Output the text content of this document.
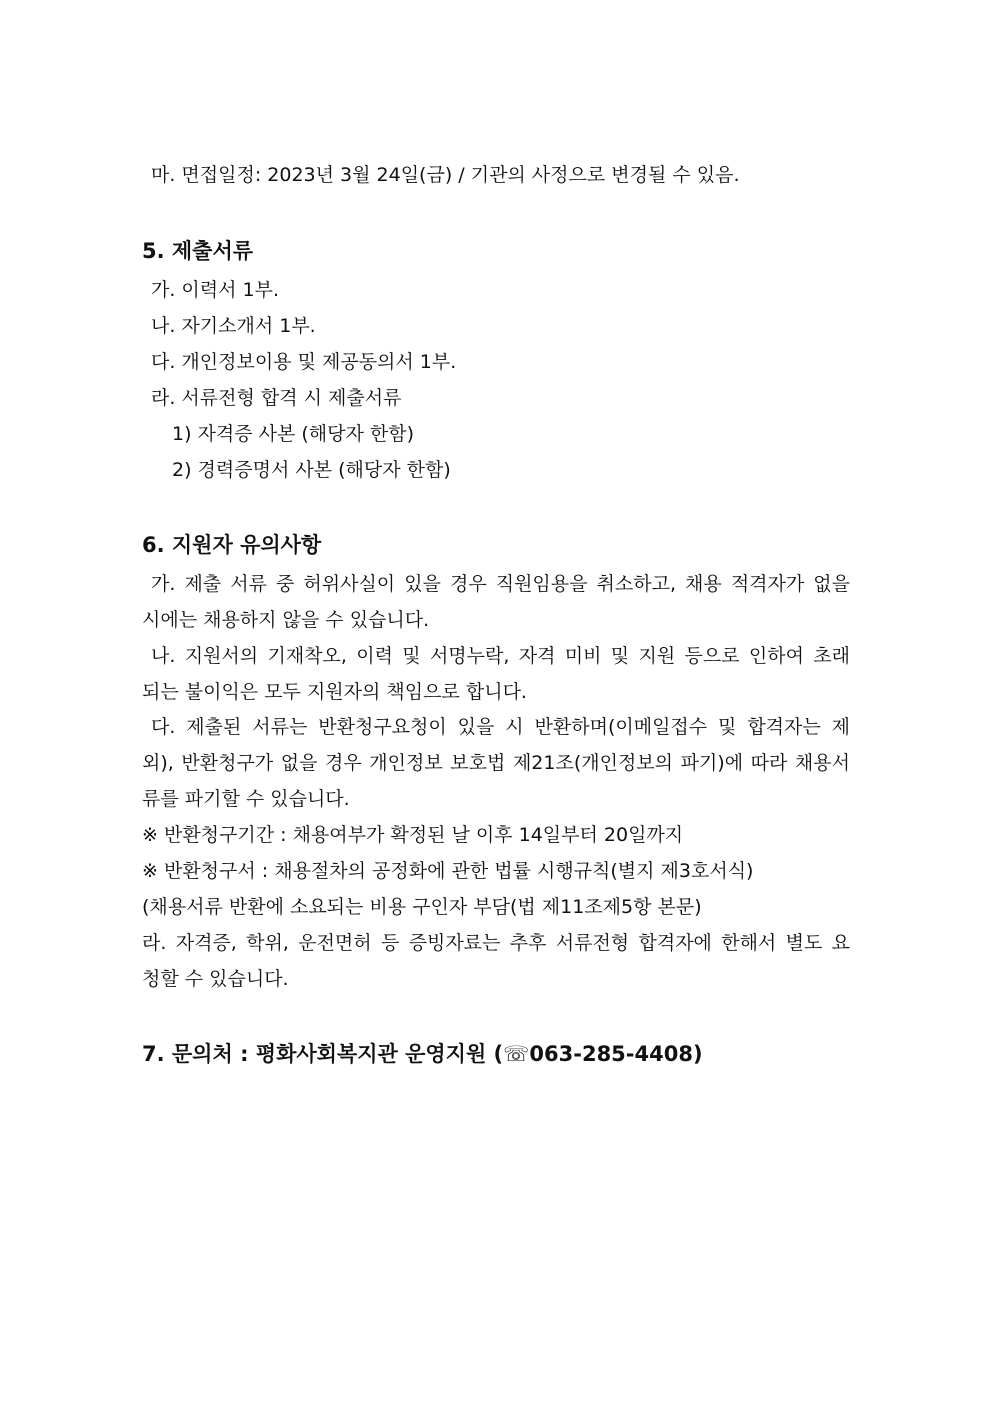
마. 면접일정: 2023년 3월 24일(금) / 기관의 사정으로 변경될 수 있음.
5. 제출서류
가. 이력서 1부.
나. 자기소개서 1부.
다. 개인정보이용 및 제공동의서 1부.
라. 서류전형 합격 시 제출서류
1) 자격증 사본 (해당자 한함)
2) 경력증명서 사본 (해당자 한함)
6. 지원자 유의사항
가. 제출 서류 중 허위사실이 있을 경우 직원임용을 취소하고, 채용 적격자가 없을
시에는 채용하지 않을 수 있습니다.
나. 지원서의 기재착오, 이력 및 서명누락, 자격 미비 및 지원 등으로 인하여 초래
되는 불이익은 모두 지원자의 책임으로 합니다.
다. 제출된 서류는 반환청구요청이 있을 시 반환하며(이메일접수 및 합격자는 제
외), 반환청구가 없을 경우 개인정보 보호법 제21조(개인정보의 파기)에 따라 채용서
류를 파기할 수 있습니다.
※ 반환청구기간 : 채용여부가 확정된 날 이후 14일부터 20일까지
※ 반환청구서 : 채용절차의 공정화에 관한 법률 시행규칙(별지 제3호서식)
(채용서류 반환에 소요되는 비용 구인자 부담(법 제11조제5항 본문)
라. 자격증, 학위, 운전면허 등 증빙자료는 추후 서류전형 합격자에 한해서 별도 요
청할 수 있습니다.
7. 문의처 : 평화사회복지관 운영지원 (☏063-285-4408)
